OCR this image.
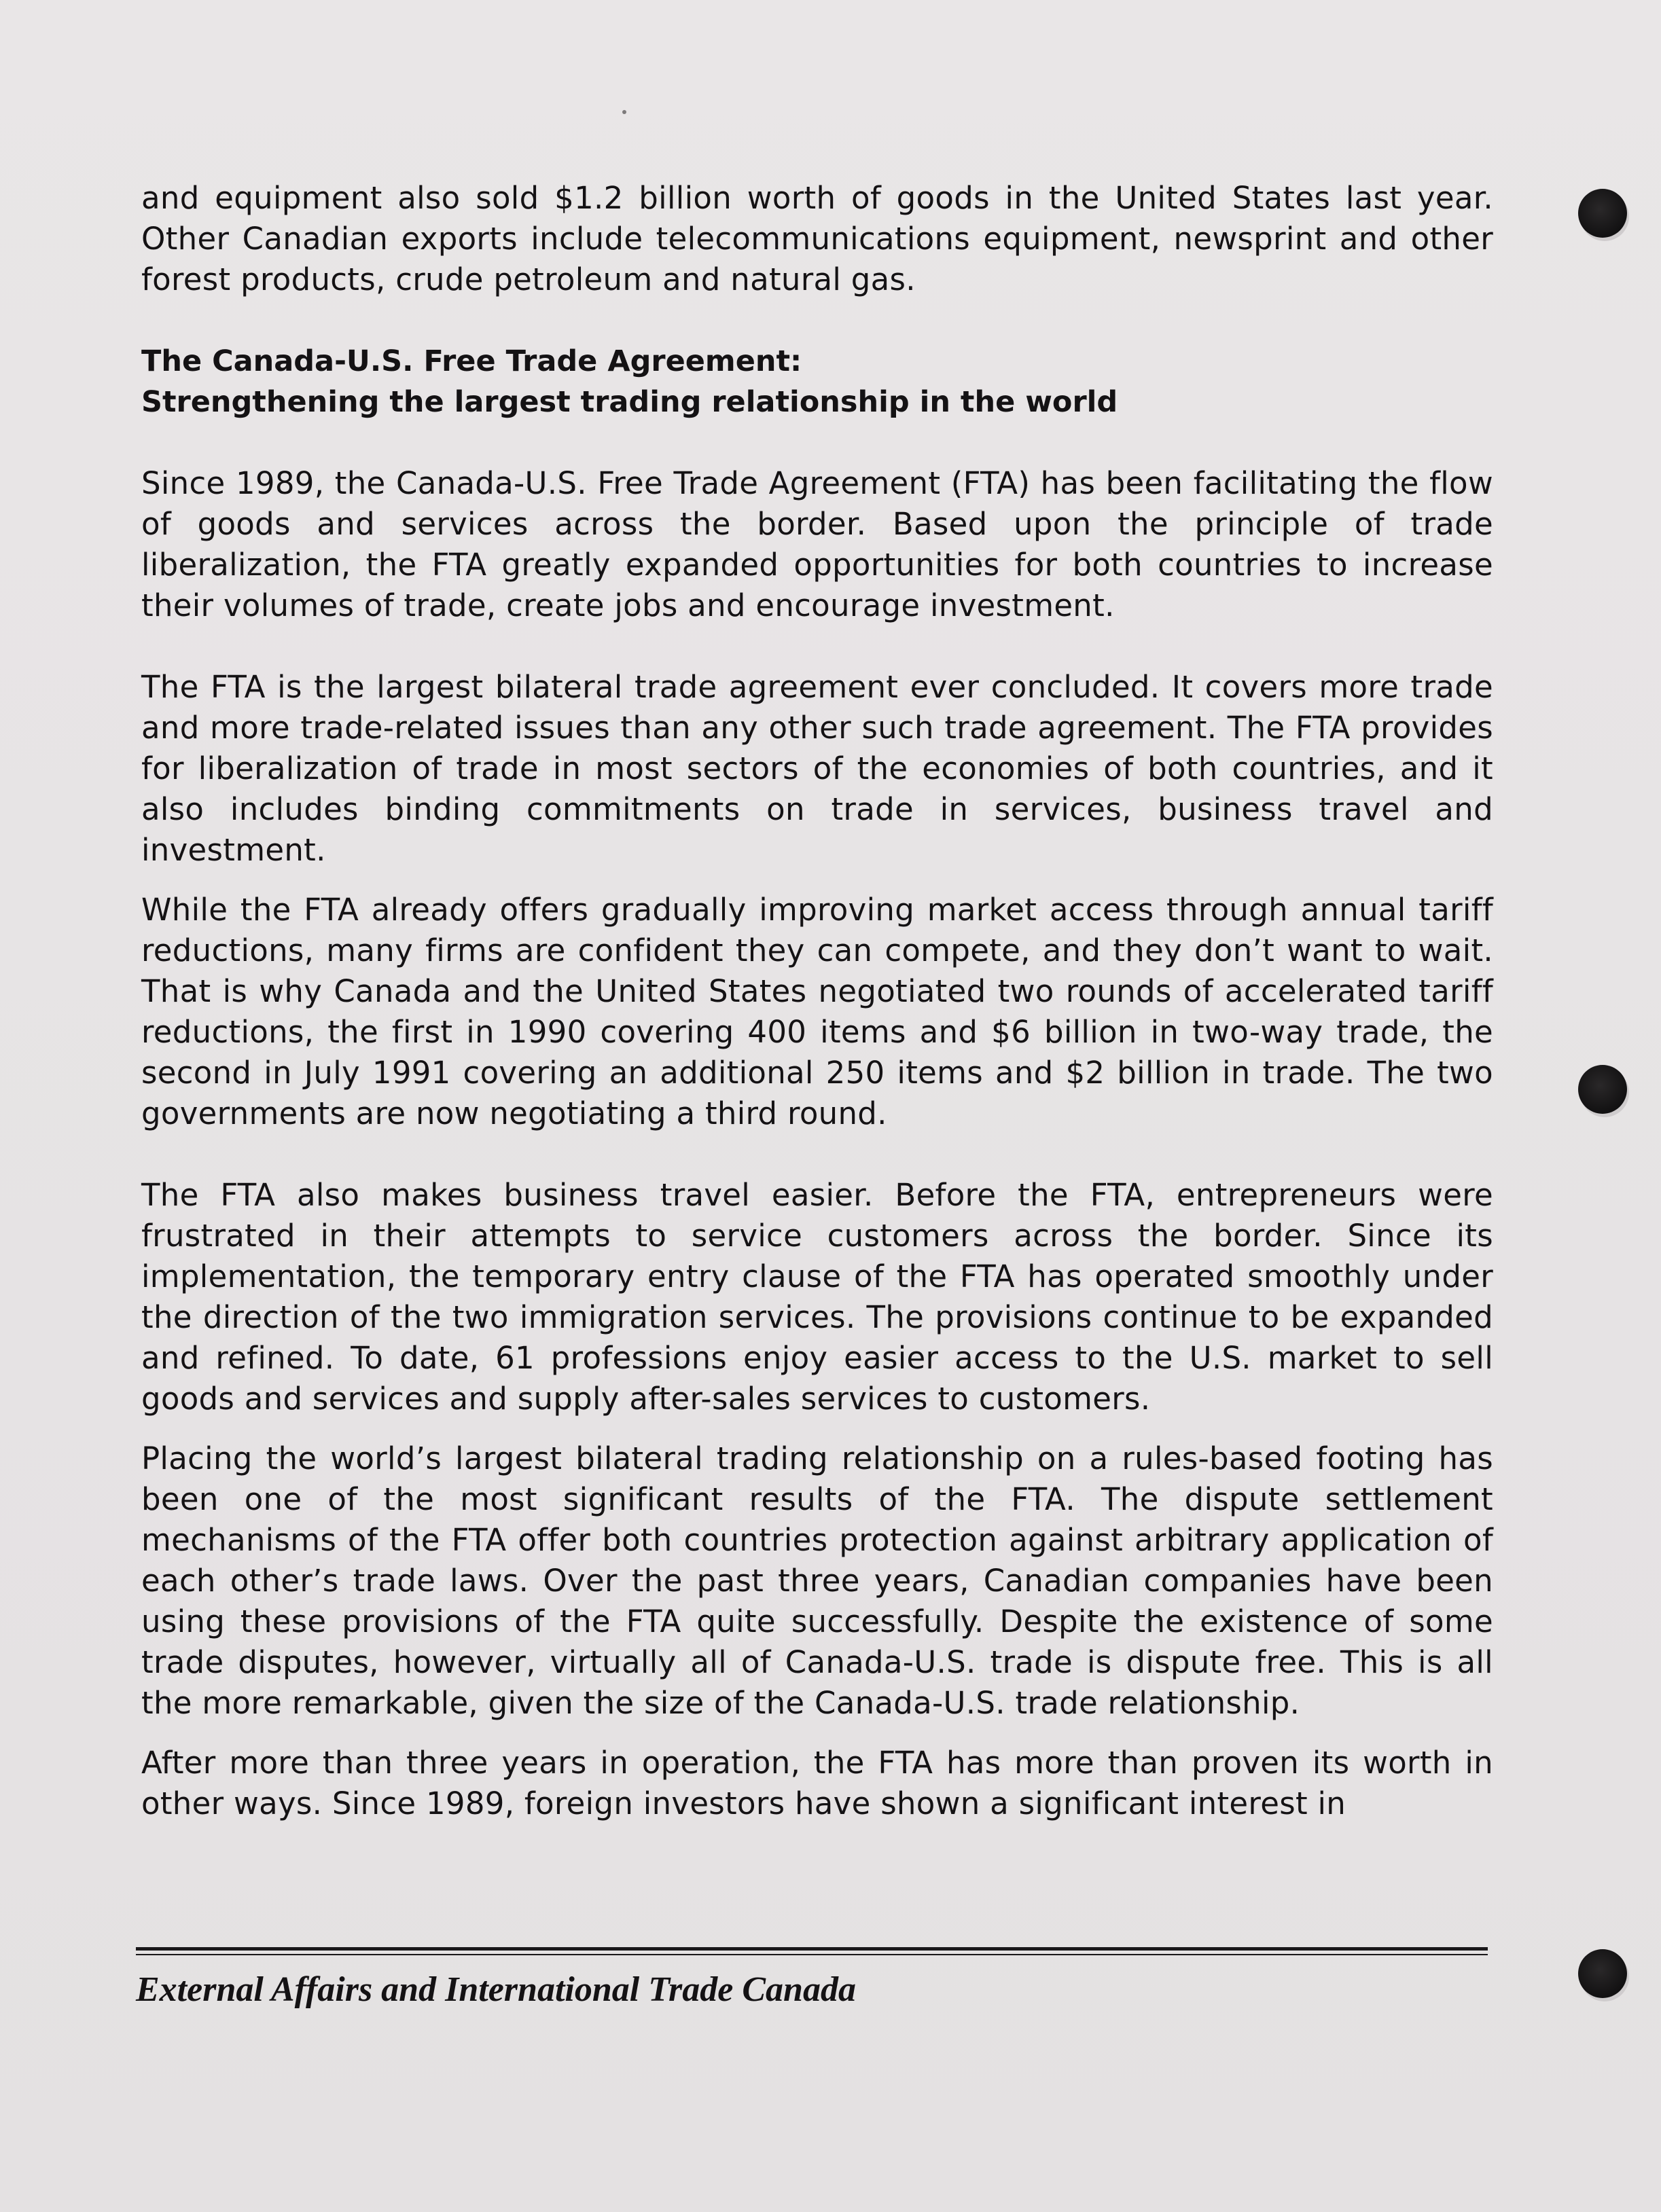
and equipment also sold $1.2 billion worth of goods in the United States last year. Other Canadian exports include telecommunications equipment, newsprint and other forest products, crude petroleum and natural gas.

The Canada-U.S. Free Trade Agreement:
Strengthening the largest trading relationship in the world

Since 1989, the Canada-U.S. Free Trade Agreement (FTA) has been facilitating the flow of goods and services across the border. Based upon the principle of trade liberalization, the FTA greatly expanded opportunities for both countries to increase their volumes of trade, create jobs and encourage investment.

The FTA is the largest bilateral trade agreement ever concluded. It covers more trade and more trade-related issues than any other such trade agreement. The FTA provides for liberalization of trade in most sectors of the economies of both countries, and it also includes binding commitments on trade in services, business travel and investment.

While the FTA already offers gradually improving market access through annual tariff reductions, many firms are confident they can compete, and they don’t want to wait. That is why Canada and the United States negotiated two rounds of accelerated tariff reductions, the first in 1990 covering 400 items and $6 billion in two-way trade, the second in July 1991 covering an additional 250 items and $2 billion in trade. The two governments are now negotiating a third round.

The FTA also makes business travel easier. Before the FTA, entrepreneurs were frustrated in their attempts to service customers across the border. Since its implementation, the temporary entry clause of the FTA has operated smoothly under the direction of the two immigration services. The provisions continue to be expanded and refined. To date, 61 professions enjoy easier access to the U.S. market to sell goods and services and supply after-sales services to customers.

Placing the world’s largest bilateral trading relationship on a rules-based footing has been one of the most significant results of the FTA. The dispute settlement mechanisms of the FTA offer both countries protection against arbitrary application of each other’s trade laws. Over the past three years, Canadian companies have been using these provisions of the FTA quite successfully. Despite the existence of some trade disputes, however, virtually all of Canada-U.S. trade is dispute free. This is all the more remarkable, given the size of the Canada-U.S. trade relationship.

After more than three years in operation, the FTA has more than proven its worth in other ways. Since 1989, foreign investors have shown a significant interest in

External Affairs and International Trade Canada
